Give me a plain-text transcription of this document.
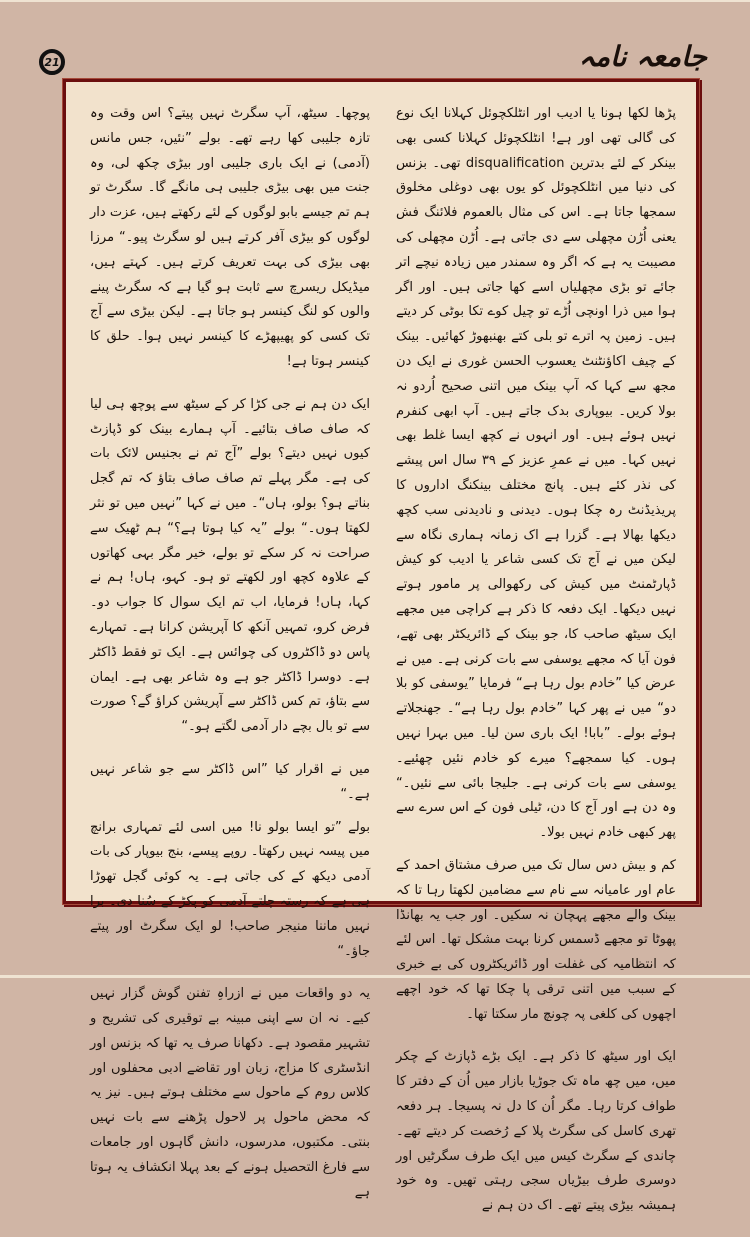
21	جامعہ نامہ

پڑھا لکھا ہونا یا ادیب اور انٹلکچوئل کہلانا ایک نوع کی گالی تھی اور ہے! انٹلکچوئل کہلانا کسی بھی بینکر کے لئے بدترین disqualification تھی۔ بزنس کی دنیا میں انٹلکچوئل کو یوں بھی دوغلی مخلوق سمجھا جاتا ہے۔ اس کی مثال بالعموم فلائنگ فش یعنی اُڑن مچھلی سے دی جاتی ہے۔ اُڑن مچھلی کی مصیبت یہ ہے کہ اگر وہ سمندر میں زیادہ نیچے اتر جائے تو بڑی مچھلیاں اسے کھا جاتی ہیں۔ اور اگر ہوا میں ذرا اونچی اُڑے تو چیل کوے تکا بوٹی کر دیتے ہیں۔ زمین پہ اترے تو بلی کتے بھنبھوڑ کھائیں۔ بینک کے چیف اکاؤنٹنٹ یعسوب الحسن غوری نے ایک دن مجھ سے کہا کہ آپ بینک میں اتنی صحیح اُردو نہ بولا کریں۔ بیوپاری بدک جاتے ہیں۔ آپ ابھی کنفرم نہیں ہوئے ہیں۔ اور انہوں نے کچھ ایسا غلط بھی نہیں کہا۔ میں نے عمرِ عزیز کے ۳۹ سال اس پیشے کی نذر کئے ہیں۔ پانچ مختلف بینکنگ اداروں کا پریذیڈنٹ رہ چکا ہوں۔ دیدنی و نادیدنی سب کچھ دیکھا بھالا ہے۔ گزرا ہے اک زمانہ ہماری نگاہ سے لیکن میں نے آج تک کسی شاعر یا ادیب کو کیش ڈپارٹمنٹ میں کیش کی رکھوالی پر مامور ہوتے نہیں دیکھا۔ ایک دفعہ کا ذکر ہے کراچی میں مجھے ایک سیٹھ صاحب کا، جو بینک کے ڈائریکٹر بھی تھے، فون آیا کہ مجھے یوسفی سے بات کرنی ہے۔ میں نے عرض کیا ”خادم بول رہا ہے“ فرمایا ”یوسفی کو بلا دو“ میں نے پھر کہا ”خادم بول رہا ہے“۔ جھنجلاتے ہوئے بولے۔ ”بابا! ایک باری سن لیا۔ میں بہرا نہیں ہوں۔ کیا سمجھے؟ میرے کو خادم نئیں چھئیے۔ یوسفی سے بات کرنی ہے۔ جلیجا بائی سے نئیں۔“ وہ دن ہے اور آج کا دن، ٹیلی فون کے اس سرے سے پھر کبھی خادم نہیں بولا۔

کم و بیش دس سال تک میں صرف مشتاق احمد کے عام اور عامیانہ سے نام سے مضامین لکھتا رہا تا کہ بینک والے مجھے پہچان نہ سکیں۔ اور جب یہ بھانڈا پھوٹا تو مجھے ڈسمس کرنا بہت مشکل تھا۔ اس لئے کہ انتظامیہ کی غفلت اور ڈائریکٹروں کی بے خبری کے سبب میں اتنی ترقی پا چکا تھا کہ خود اچھے اچھوں کی کلغی پہ چونچ مار سکتا تھا۔

ایک اور سیٹھ کا ذکر ہے۔ ایک بڑے ڈپازٹ کے چکر میں، میں چھ ماہ تک جوڑیا بازار میں اُن کے دفتر کا طواف کرتا رہا۔ مگر اُن کا دل نہ پسیجا۔ ہر دفعہ تھری کاسل کی سگرٹ پلا کے رُخصت کر دیتے تھے۔ چاندی کے سگرٹ کیس میں ایک طرف سگرٹیں اور دوسری طرف بیڑیاں سجی رہتی تھیں۔ وہ خود ہمیشہ بیڑی پیتے تھے۔ اک دن ہم نے

پوچھا۔ سیٹھ، آپ سگرٹ نہیں پیتے؟ اس وقت وہ تازہ جلیبی کھا رہے تھے۔ بولے ”نئیں، جس مانس (آدمی) نے ایک باری جلیبی اور بیڑی چکھ لی، وہ جنت میں بھی بیڑی جلیبی ہی مانگے گا۔ سگرٹ تو ہم تم جیسے بابو لوگوں کے لئے رکھتے ہیں، عزت دار لوگوں کو بیڑی آفر کرتے ہیں لو سگرٹ پیو۔“ مرزا بھی بیڑی کی بہت تعریف کرتے ہیں۔ کہتے ہیں، میڈیکل ریسرچ سے ثابت ہو گیا ہے کہ سگرٹ پینے والوں کو لنگ کینسر ہو جاتا ہے۔ لیکن بیڑی سے آج تک کسی کو پھیپھڑے کا کینسر نہیں ہوا۔ حلق کا کینسر ہوتا ہے!

ایک دن ہم نے جی کڑا کر کے سیٹھ سے پوچھ ہی لیا کہ صاف صاف بتائیے۔ آپ ہمارے بینک کو ڈپازٹ کیوں نہیں دیتے؟ بولے ”آج تم نے بجنیس لائک بات کی ہے۔ مگر پہلے تم صاف صاف بتاؤ کہ تم گجل بناتے ہو؟ بولو، ہاں“۔ میں نے کہا ”نہیں میں تو نثر لکھتا ہوں۔“ بولے ”یہ کیا ہوتا ہے؟“ ہم ٹھیک سے صراحت نہ کر سکے تو بولے، خیر مگر بہی کھاتوں کے علاوہ کچھ اور لکھتے تو ہو۔ کہو، ہاں! ہم نے کہا، ہاں! فرمایا، اب تم ایک سوال کا جواب دو۔ فرض کرو، تمہیں آنکھ کا آپریشن کرانا ہے۔ تمہارے پاس دو ڈاکٹروں کی چوائس ہے۔ ایک تو فقط ڈاکٹر ہے۔ دوسرا ڈاکٹر جو ہے وہ شاعر بھی ہے۔ ایمان سے بتاؤ، تم کس ڈاکٹر سے آپریشن کراؤ گے؟ صورت سے تو بال بچے دار آدمی لگتے ہو۔“

میں نے اقرار کیا ”اس ڈاکٹر سے جو شاعر نہیں ہے۔“

بولے ”تو ایسا بولو نا! میں اسی لئے تمہاری برانچ میں پیسہ نہیں رکھتا۔ روپے پیسے، بنج بیوپار کی بات آدمی دیکھ کے کی جاتی ہے۔ یہ کوئی گجل تھوڑا ہی ہے کہ رستہ چلتے آدمی کو پکڑ کے سُنا دی۔ برا نہیں ماننا منیجر صاحب! لو ایک سگرٹ اور پیتے جاؤ۔“

یہ دو واقعات میں نے ازراہِ تفنن گوش گزار نہیں کیے۔ نہ ان سے اپنی مبینہ بے توقیری کی تشریح و تشہیر مقصود ہے۔ دکھانا صرف یہ تھا کہ بزنس اور انڈسٹری کا مزاج، زبان اور تقاضے ادبی محفلوں اور کلاس روم کے ماحول سے مختلف ہوتے ہیں۔ نیز یہ کہ محض ماحول پر لاحول پڑھنے سے بات نہیں بنتی۔ مکتبوں، مدرسوں، دانش گاہوں اور جامعات سے فارغ التحصیل ہونے کے بعد پہلا انکشاف یہ ہوتا ہے
